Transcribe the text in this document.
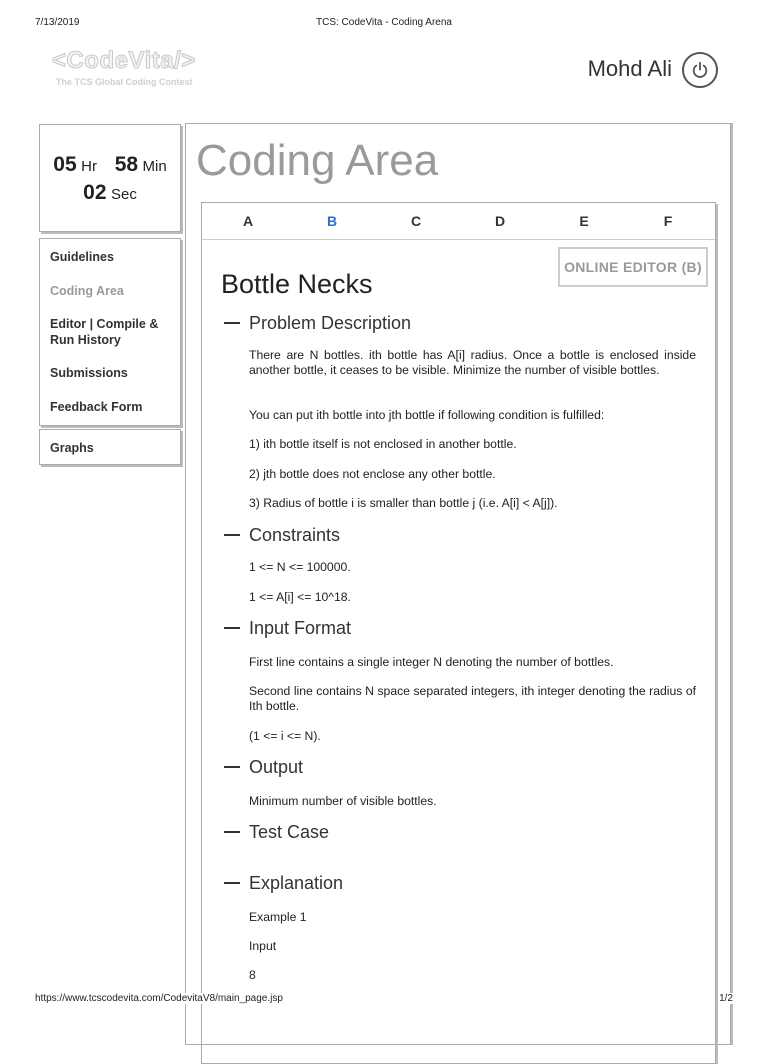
7/13/2019	TCS: CodeVita - Coding Arena
<CodeVita/>
The TCS Global Coding Contest
Mohd Ali
05 Hr 58 Min
02 Sec
Guidelines
Coding Area
Editor | Compile & Run History
Submissions
Feedback Form
Graphs
Coding Area
A	B	C	D	E	F
ONLINE EDITOR (B)
Bottle Necks
Problem Description
There are N bottles. ith bottle has A[i] radius. Once a bottle is enclosed inside another bottle, it ceases to be visible. Minimize the number of visible bottles.
You can put ith bottle into jth bottle if following condition is fulfilled:
1) ith bottle itself is not enclosed in another bottle.
2) jth bottle does not enclose any other bottle.
3) Radius of bottle i is smaller than bottle j (i.e. A[i] < A[j]).
Constraints
1 <= N <= 100000.
1 <= A[i] <= 10^18.
Input Format
First line contains a single integer N denoting the number of bottles.
Second line contains N space separated integers, ith integer denoting the radius of Ith bottle.
(1 <= i <= N).
Output
Minimum number of visible bottles.
Test Case
Explanation
Example 1
Input
8
https://www.tcscodevita.com/CodevitaV8/main_page.jsp	1/2
